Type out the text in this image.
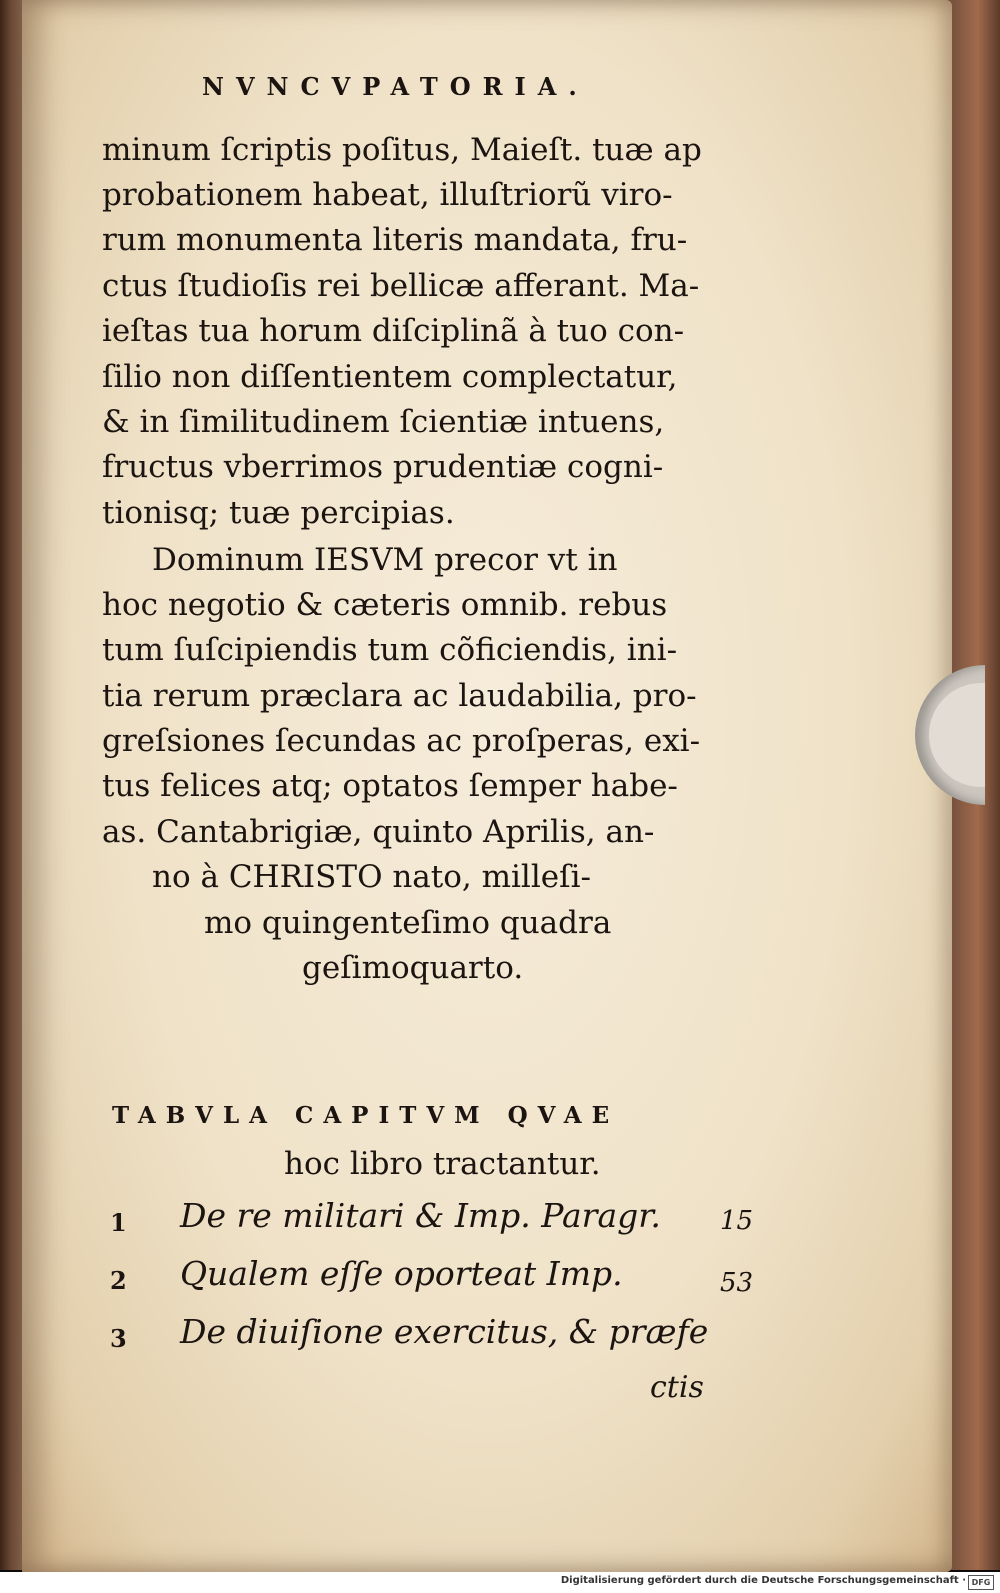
NVNCVPATORIA.
minum ſcriptis poſitus, Maieſt. tuæ ap
probationem habeat, illuſtriorũ viro-
rum monumenta literis mandata, fru-
ctus ſtudioſis rei bellicæ afferant. Ma-
ieſtas tua horum diſciplinã à tuo con-
ſilio non diſſentientem complectatur,
& in ſimilitudinem ſcientiæ intuens,
fructus vberrimos prudentiæ cogni-
tionisq; tuæ percipias.
Dominum IESVM precor vt in
hoc negotio & cæteris omnib. rebus
tum ſuſcipiendis tum cõficiendis, ini-
tia rerum præclara ac laudabilia, pro-
greſsiones ſecundas ac proſperas, exi-
tus felices atq; optatos ſemper habe-
as. Cantabrigiæ, quinto Aprilis, an-
no à CHRISTO nato, milleſi-
mo quingenteſimo quadra
geſimoquarto.
TABVLA CAPITVM QVAE
hoc libro tractantur.
1 De re militari & Imp. Paragr. 15
2 Qualem eſſe oporteat Imp.	53
3 De diuiſione exercitus, & præfe
ctis
Digitalisierung gefördert durch die Deutsche Forschungsgemeinschaft · DFG
